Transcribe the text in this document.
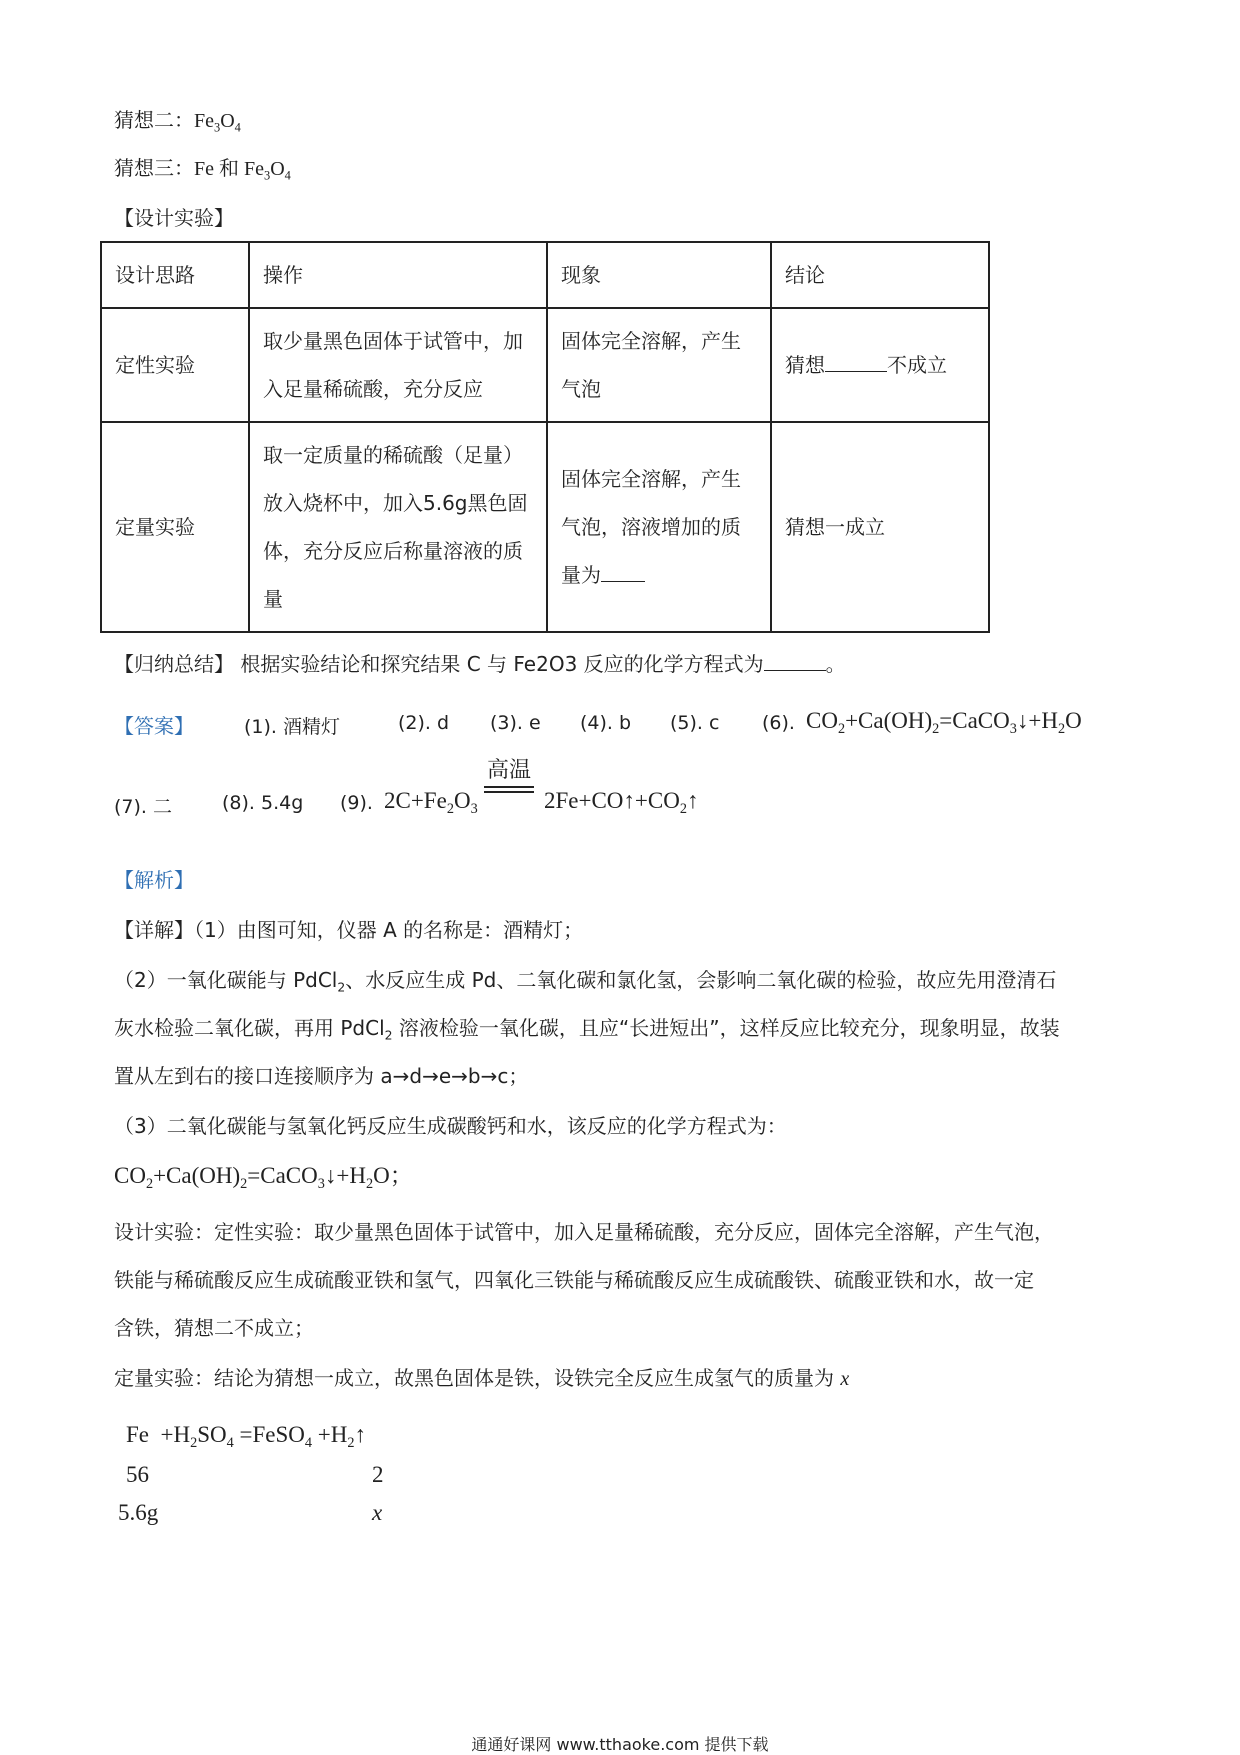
猜想二：$Fe_3O_4$
猜想三：Fe 和 $Fe_3O_4$
【设计实验】
设计思路	操作	现象	结论
定性实验	取少量黑色固体于试管中，加入足量稀硫酸，充分反应	固体完全溶解，产生气泡	猜想 不成立
定量实验	取一定质量的稀硫酸（足量）放入烧杯中，加入5.6g黑色固体，充分反应后称量溶液的质量	固体完全溶解，产生气泡，溶液增加的质量为	猜想一成立
【归纳总结】 根据实验结论和探究结果 C 与 Fe2O3 反应的化学方程式为	。
【答案】	(1). 酒精灯	(2). d (3). e (4). b (5). c (6). $CO_2+Ca(OH)_2=CaCO_3↓+H_2O$
(7). 二	(8). 5.4g (9). $2C+Fe_2O_3$	$2Fe+CO↑+CO_2↑$
高温
【解析】
【详解】（1）由图可知，仪器 A 的名称是：酒精灯；
（2）一氧化碳能与 PdCl$_2$、水反应生成 Pd、二氧化碳和氯化氢，会影响二氧化碳的检验，故应先用澄清石
灰水检验二氧化碳，再用 PdCl$_2$ 溶液检验一氧化碳，且应“长进短出”，这样反应比较充分，现象明显，故装
置从左到右的接口连接顺序为 a→d→e→b→c；
（3）二氧化碳能与氢氧化钙反应生成碳酸钙和水，该反应的化学方程式为：
$CO_2+Ca(OH)_2=CaCO_3↓+H_2O$；
设计实验：定性实验：取少量黑色固体于试管中，加入足量稀硫酸，充分反应，固体完全溶解，产生气泡，
铁能与稀硫酸反应生成硫酸亚铁和氢气，四氧化三铁能与稀硫酸反应生成硫酸铁、硫酸亚铁和水，故一定
含铁，猜想二不成立；
定量实验：结论为猜想一成立，故黑色固体是铁，设铁完全反应生成氢气的质量为 x
$Fe +H_2SO_4$ =FeSO$_4$ $+H_2↑$
56	2
5.6g	x
通通好课网 www.tthaoke.com 提供下载
